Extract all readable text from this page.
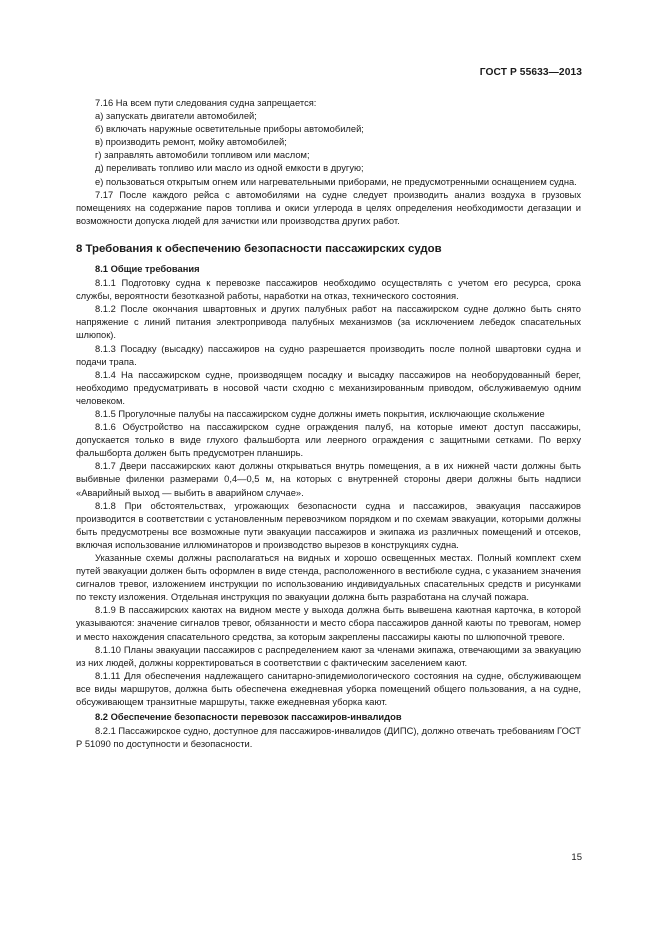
ГОСТ Р 55633—2013

7.16 На всем пути следования судна запрещается:

а) запускать двигатели автомобилей;

б) включать наружные осветительные приборы автомобилей;

в) производить ремонт, мойку автомобилей;

г) заправлять автомобили топливом или маслом;

д) переливать топливо или масло из одной емкости в другую;

е) пользоваться открытым огнем или нагревательными приборами, не предусмотренными оснащением судна.

7.17 После каждого рейса с автомобилями на судне следует производить анализ воздуха в грузовых помещениях на содержание паров топлива и окиси углерода в целях определения необходимости дегазации и возможности допуска людей для зачистки или производства других работ.

8 Требования к обеспечению безопасности пассажирских судов
8.1 Общие требования

8.1.1 Подготовку судна к перевозке пассажиров необходимо осуществлять с учетом его ресурса, срока службы, вероятности безотказной работы, наработки на отказ, технического состояния.

8.1.2 После окончания швартовных и других палубных работ на пассажирском судне должно быть снято напряжение с линий питания электропривода палубных механизмов (за исключением лебедок спасательных шлюпок).

8.1.3 Посадку (высадку) пассажиров на судно разрешается производить после полной швартовки судна и подачи трапа.

8.1.4 На пассажирском судне, производящем посадку и высадку пассажиров на необорудованный берег, необходимо предусматривать в носовой части сходню с механизированным приводом, обслуживаемую одним человеком.

8.1.5 Прогулочные палубы на пассажирском судне должны иметь покрытия, исключающие скольжение

8.1.6 Обустройство на пассажирском судне ограждения палуб, на которые имеют доступ пассажиры, допускается только в виде глухого фальшборта или леерного ограждения с защитными сетками. По верху фальшборта должен быть предусмотрен планширь.

8.1.7 Двери пассажирских кают должны открываться внутрь помещения, а в их нижней части должны быть выбивные филенки размерами 0,4—0,5 м, на которых с внутренней стороны двери должны быть надписи «Аварийный выход — выбить в аварийном случае».

8.1.8 При обстоятельствах, угрожающих безопасности судна и пассажиров, эвакуация пассажиров производится в соответствии с установленным перевозчиком порядком и по схемам эвакуации, которыми должны быть предусмотрены все возможные пути эвакуации пассажиров и экипажа из различных помещений и отсеков, включая использование иллюминаторов и производство вырезов в конструкциях судна.

Указанные схемы должны располагаться на видных и хорошо освещенных местах. Полный комплект схем путей эвакуации должен быть оформлен в виде стенда, расположенного в вестибюле судна, с указанием значения сигналов тревог, изложением инструкции по использованию индивидуальных спасательных средств и рисунками по тексту изложения. Отдельная инструкция по эвакуации должна быть разработана на случай пожара.

8.1.9 В пассажирских каютах на видном месте у выхода должна быть вывешена каютная карточка, в которой указываются: значение сигналов тревог, обязанности и место сбора пассажиров данной каюты по тревогам, номер и место нахождения спасательного средства, за которым закреплены пассажиры каюты по шлюпочной тревоге.

8.1.10 Планы эвакуации пассажиров с распределением кают за членами экипажа, отвечающими за эвакуацию из них людей, должны корректироваться в соответствии с фактическим заселением кают.

8.1.11 Для обеспечения надлежащего санитарно-эпидемиологического состояния на судне, обслуживающем все виды маршрутов, должна быть обеспечена ежедневная уборка помещений общего пользования, а на судне, обсуживающем транзитные маршруты, также ежедневная уборка кают.

8.2 Обеспечение безопасности перевозок пассажиров-инвалидов

8.2.1 Пассажирское судно, доступное для пассажиров-инвалидов (ДИПС), должно отвечать требованиям ГОСТ Р 51090 по доступности и безопасности.

15
